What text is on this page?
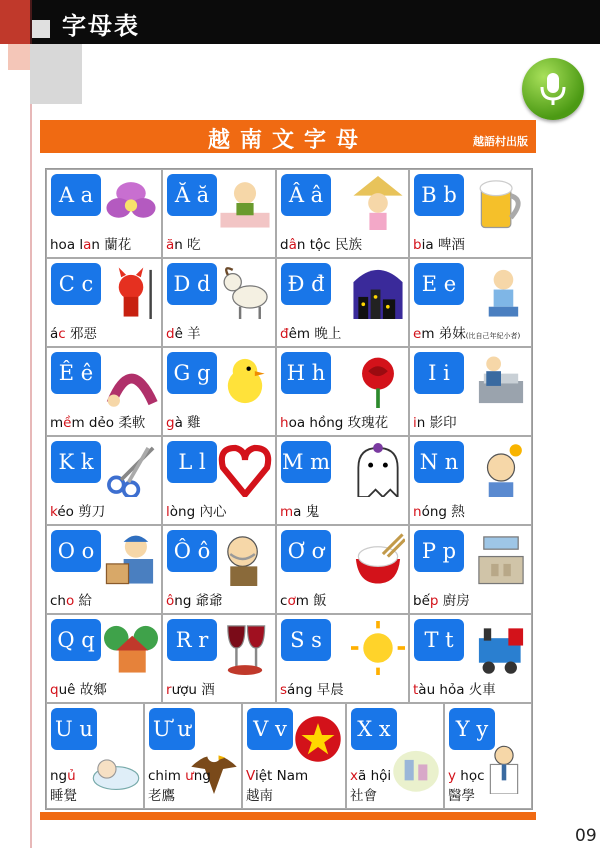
字母表
越南文字母	越語村出版
A a
hoa lan 蘭花
Ă ă
ăn 吃
Â â
dân tộc 民族
B b
bia 啤酒
C c
ác 邪惡
D d
dê 羊
Đ đ
đêm 晚上
E e
em 弟妹(比自己年紀小者)
Ê ê
mềm dẻo 柔軟
G g
gà 雞
H h
hoa hồng 玫瑰花
I i
in 影印
K k
kéo 剪刀
L l
lòng 內心
M m
ma 鬼
N n
nóng 熱
O o
cho 給
Ô ô
ông 爺爺
Ơ ơ
cơm 飯
P p
bếp 廚房
Q q
quê 故鄉
R r
rượu 酒
S s
sáng 早晨
T t
tàu hỏa 火車
U u
ngủ
睡覺
Ư ư
chim ưng
老鷹
V v
Việt Nam
越南
X x
xã hội
社會
Y y
y học
醫學
09
